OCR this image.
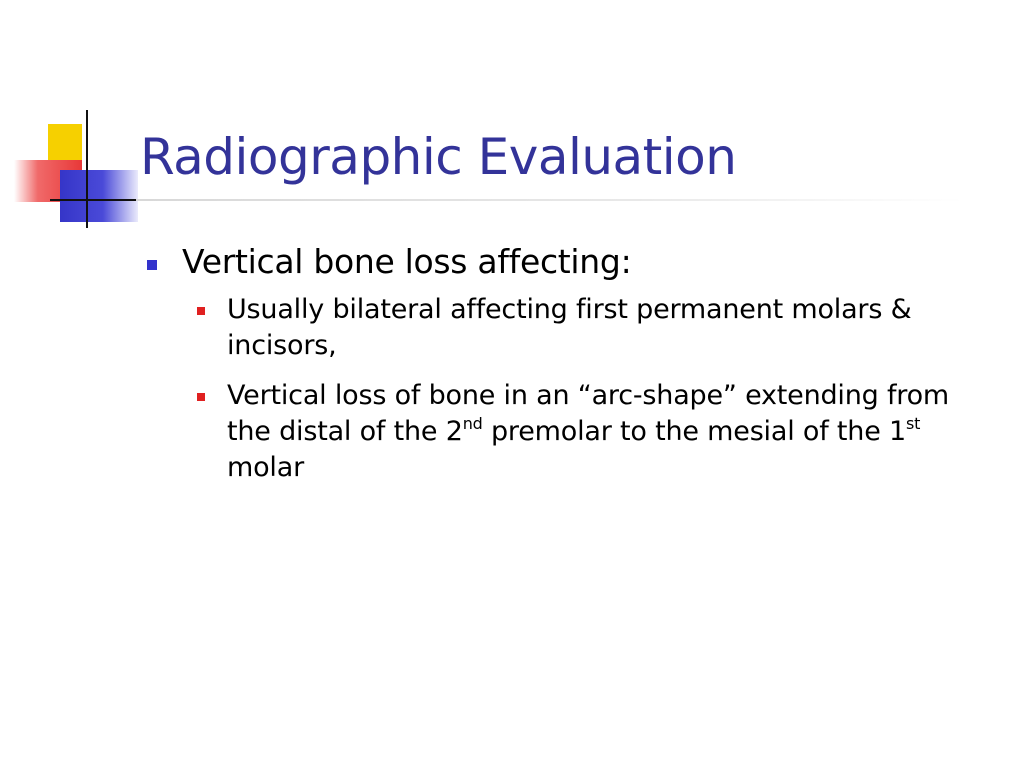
Radiographic Evaluation
Vertical bone loss affecting:
Usually bilateral affecting first permanent molars & incisors,
Vertical loss of bone in an “arc-shape” extending from the distal of the 2nd premolar to the mesial of the 1st molar
